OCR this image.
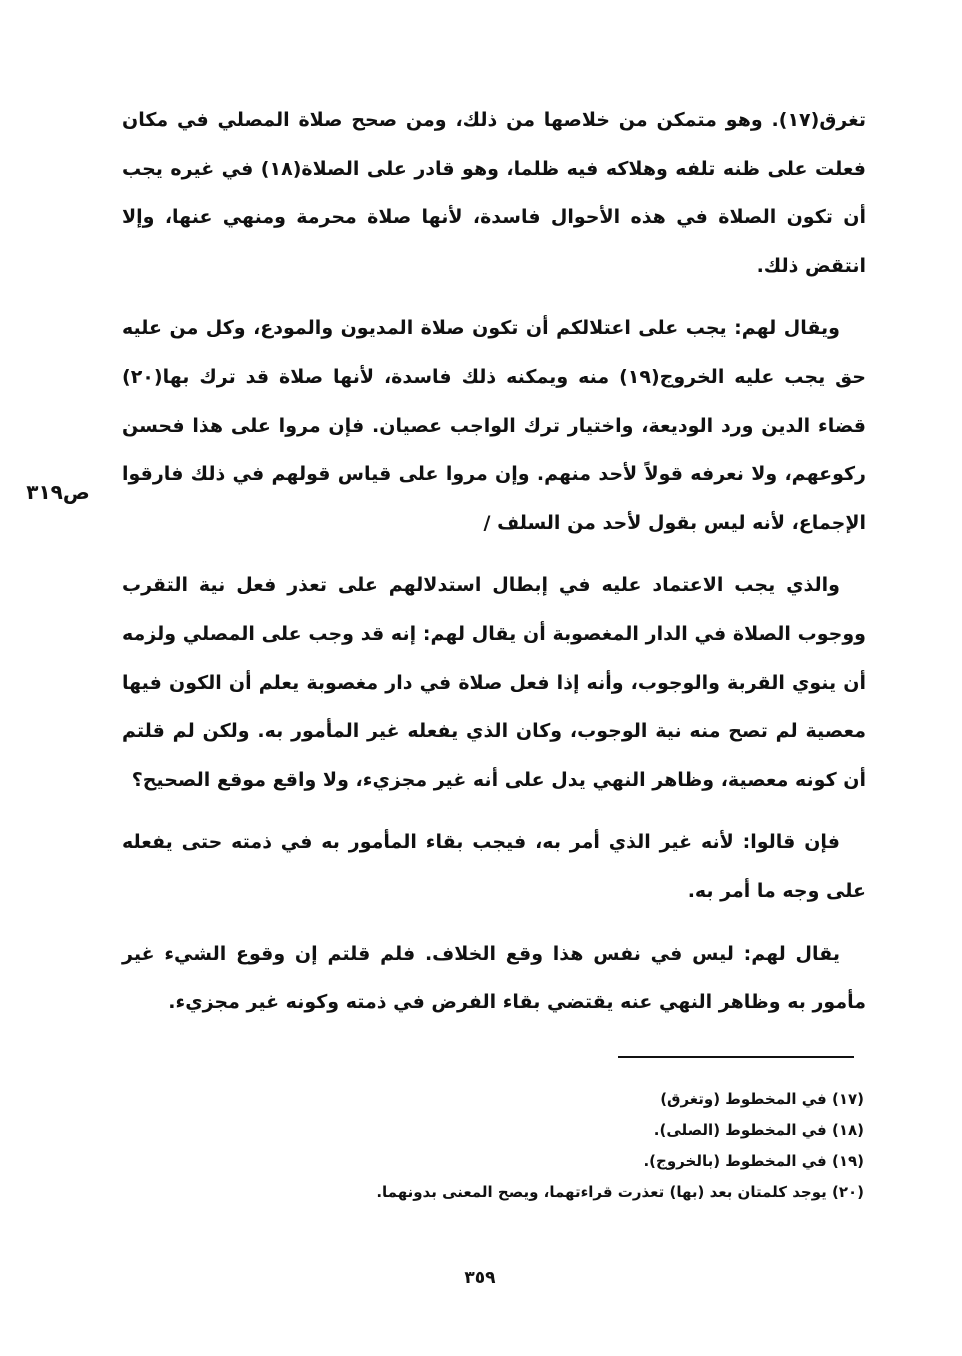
تغرق(١٧). وهو متمكن من خلاصها من ذلك، ومن صحح صلاة المصلي في مكان فعلت على ظنه تلفه وهلاكه فيه ظلما، وهو قادر على الصلاة(١٨) في غيره يجب أن تكون الصلاة في هذه الأحوال فاسدة، لأنها صلاة محرمة ومنهي عنها، وإلا انتقض ذلك.

ويقال لهم: يجب على اعتلالكم أن تكون صلاة المديون والمودع، وكل من عليه حق يجب عليه الخروج(١٩) منه ويمكنه ذلك فاسدة، لأنها صلاة قد ترك بها(٢٠) قضاء الدين ورد الوديعة، واختيار ترك الواجب عصيان. فإن مروا على هذا فحسن ركوعهم، ولا نعرفه قولاً لأحد منهم. وإن مروا على قياس قولهم في ذلك فارقوا الإجماع، لأنه ليس بقول لأحد من السلف /

والذي يجب الاعتماد عليه في إبطال استدلالهم على تعذر فعل نية التقرب ووجوب الصلاة في الدار المغصوبة أن يقال لهم: إنه قد وجب على المصلي ولزمه أن ينوي القربة والوجوب، وأنه إذا فعل صلاة في دار مغصوبة يعلم أن الكون فيها معصية لم تصح منه نية الوجوب، وكان الذي يفعله غير المأمور به. ولكن لم قلتم أن كونه معصية، وظاهر النهي يدل على أنه غير مجزيء، ولا واقع موقع الصحيح؟

فإن قالوا: لأنه غير الذي أمر به، فيجب بقاء المأمور به في ذمته حتى يفعله على وجه ما أمر به.

يقال لهم: ليس في نفس هذا وقع الخلاف. فلم قلتم إن وقوع الشيء غير مأمور به وظاهر النهي عنه يقتضي بقاء الفرض في ذمته وكونه غير مجزيء.

ص٣١٩
(١٧) في المخطوط (وتغرق)
(١٨) في المخطوط (الصلى).
(١٩) في المخطوط (بالخروج).
(٢٠) يوجد كلمتان بعد (بها) تعذرت قراءتهما، ويصح المعنى بدونهما.
٣٥٩
